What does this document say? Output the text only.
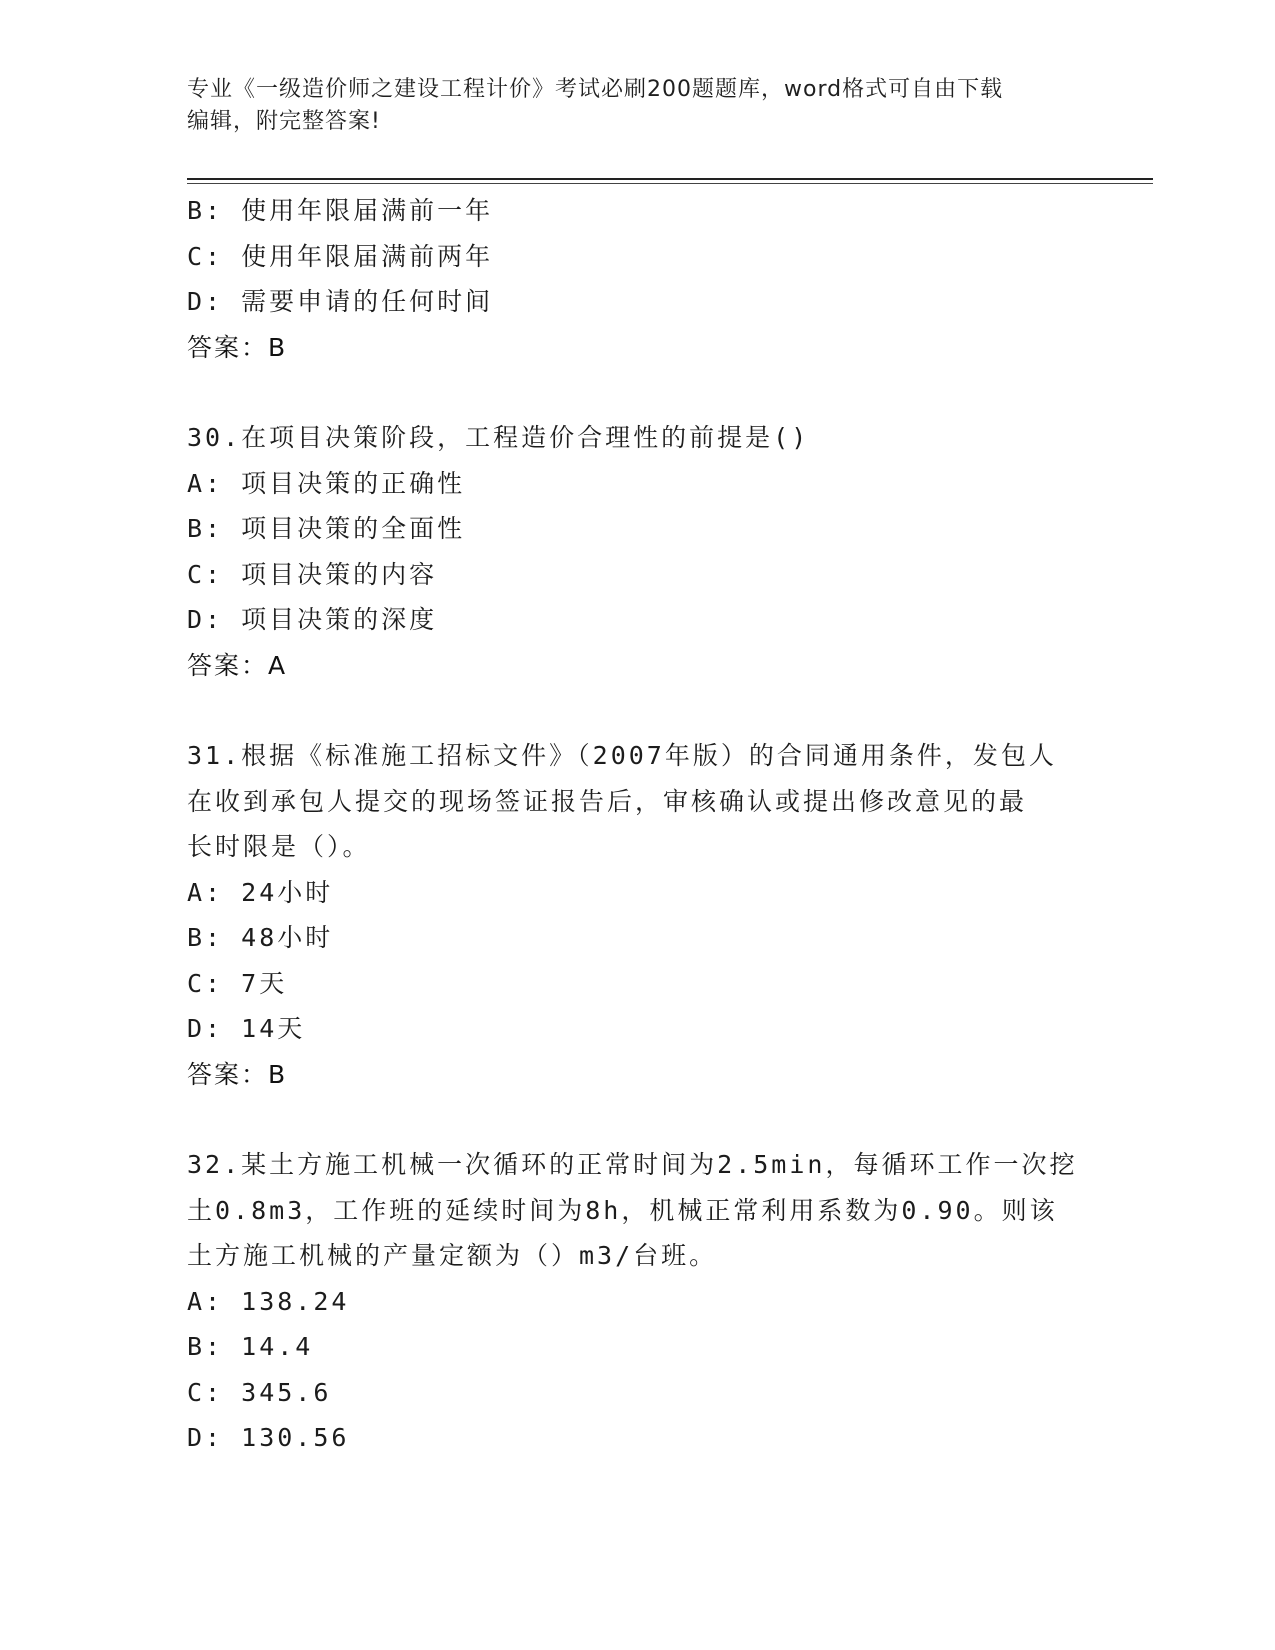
专业《一级造价师之建设工程计价》考试必刷200题题库，word格式可自由下载
编辑，附完整答案!
B: 使用年限届满前一年
C: 使用年限届满前两年
D: 需要申请的任何时间
答案：B
30.在项目决策阶段，工程造价合理性的前提是()
A: 项目决策的正确性
B: 项目决策的全面性
C: 项目决策的内容
D: 项目决策的深度
答案：A
31.根据《标准施工招标文件》（2007年版）的合同通用条件，发包人
在收到承包人提交的现场签证报告后，审核确认或提出修改意见的最
长时限是（）。
A: 24小时
B: 48小时
C: 7天
D: 14天
答案：B
32.某土方施工机械一次循环的正常时间为2.5min，每循环工作一次挖
土0.8m3，工作班的延续时间为8h，机械正常利用系数为0.90。则该
土方施工机械的产量定额为（）m3/台班。
A: 138.24
B: 14.4
C: 345.6
D: 130.56
